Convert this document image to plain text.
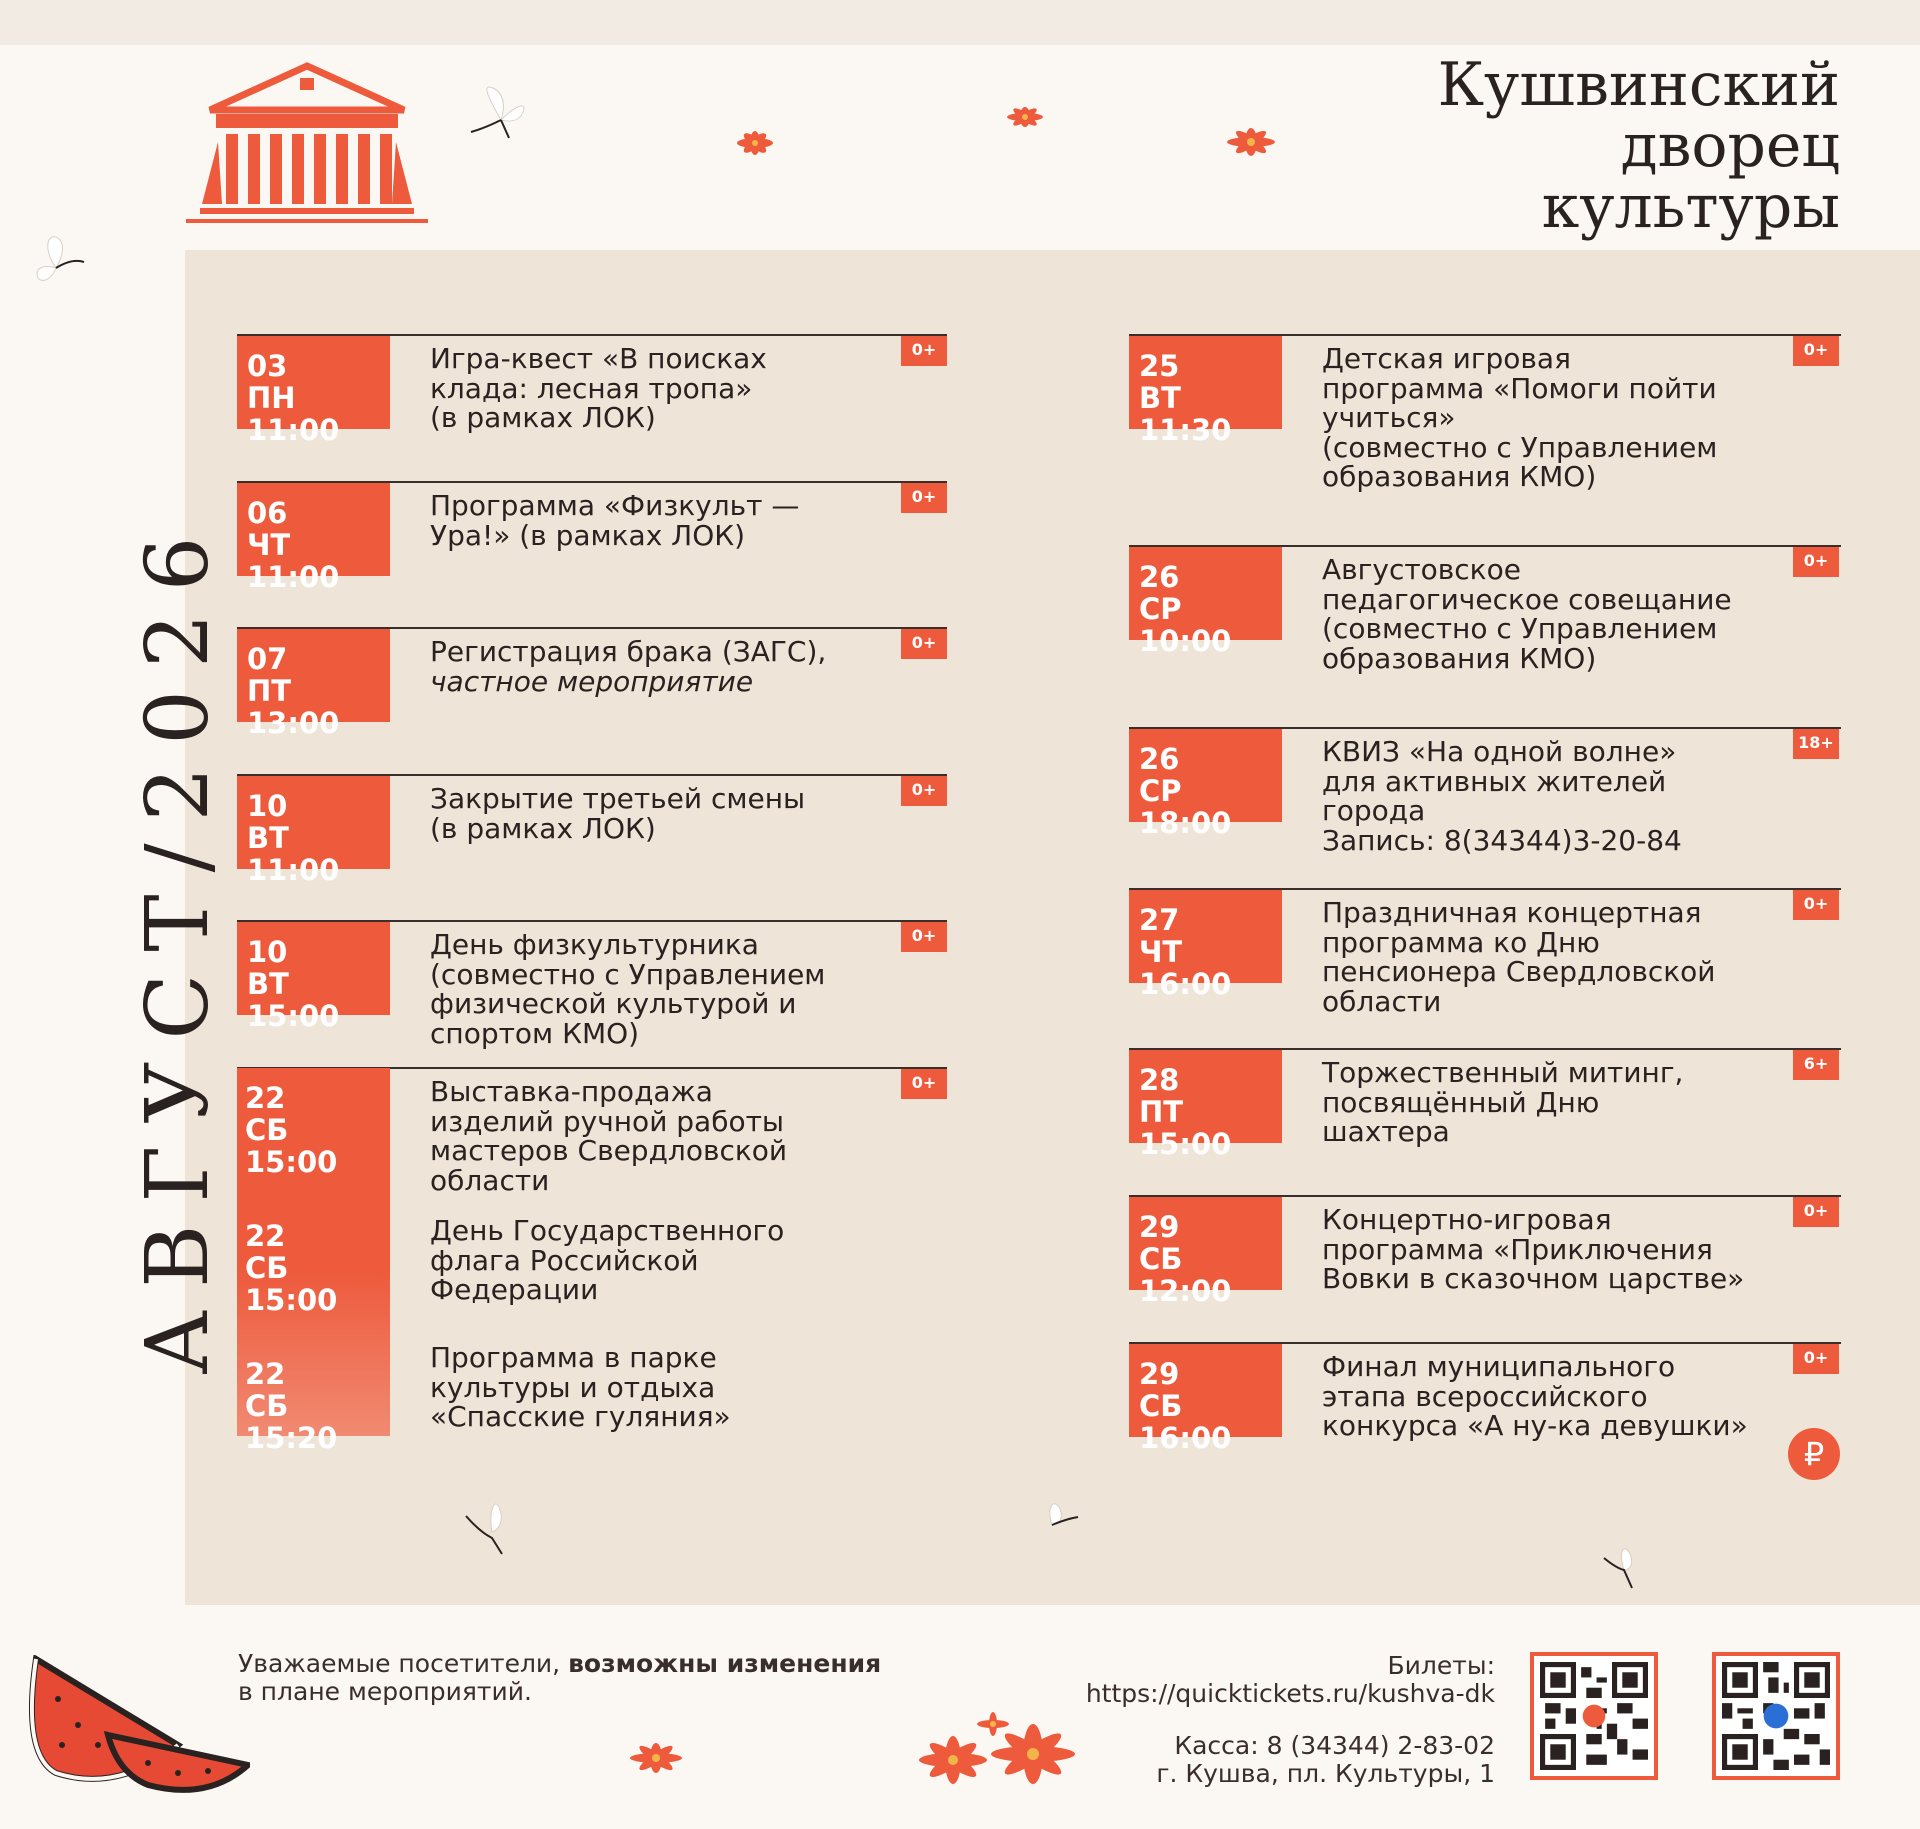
Кушвинский
дворец
культуры
АВГУСТ/2026
03
ПН 11:00
Игра-квест «В поисках
клада: лесная тропа»
(в рамках ЛОК)
0+
06
ЧТ 11:00
Программа «Физкульт —
Ура!» (в рамках ЛОК)
0+
07
ПТ 13:00
Регистрация брака (ЗАГС),
частное мероприятие
0+
10
ВТ 11:00
Закрытие третьей смены
(в рамках ЛОК)
0+
10
ВТ 15:00
День физкультурника
(совместно с Управлением
физической культурой и
спортом КМО)
0+
0+
22
СБ 15:00
22
СБ 15:00
22
СБ 15:20
Выставка-продажа
изделий ручной работы
мастеров Свердловской
области
День Государственного
флага Российской
Федерации
Программа в парке
культуры и отдыха
«Спасские гуляния»
25
ВТ 11:30
Детская игровая
программа «Помоги пойти
учиться»
(совместно с Управлением
образования КМО)
0+
26
СР 10:00
Августовское
педагогическое совещание
(совместно с Управлением
образования КМО)
0+
26
СР 18:00
КВИЗ «На одной волне»
для активных жителей
города
Запись: 8(34344)3-20-84
18+
27
ЧТ 16:00
Праздничная концертная
программа ко Дню
пенсионера Свердловской
области
0+
28
ПТ 15:00
Торжественный митинг,
посвящённый Дню
шахтера
6+
29
СБ 12:00
Концертно-игровая
программа «Приключения
Вовки в сказочном царстве»
0+
29
СБ 16:00
Финал муниципального
этапа всероссийского
конкурса «А ну-ка девушки»
0+
₽
Уважаемые посетители, возможны изменения
в плане мероприятий.
Билеты:
https://quicktickets.ru/kushva-dk
Касса: 8 (34344) 2-83-02
г. Кушва, пл. Культуры, 1
